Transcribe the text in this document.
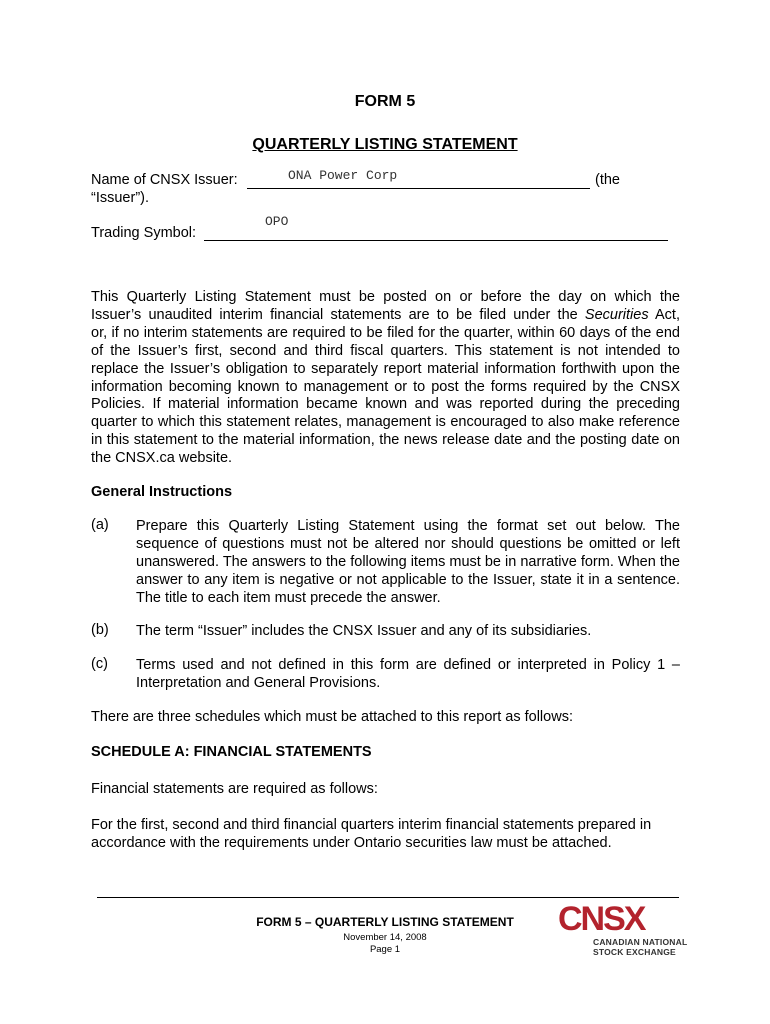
FORM 5
QUARTERLY LISTING STATEMENT
Name of CNSX Issuer:	ONA Power Corp	(the
“Issuer”).
Trading Symbol:
OPO
This Quarterly Listing Statement must be posted on or before the day on which the
Issuer’s unaudited interim financial statements are to be filed under the Securities Act,
or, if no interim statements are required to be filed for the quarter, within 60 days of the end of the Issuer’s first, second and third fiscal quarters. This statement is not intended to replace the Issuer’s obligation to separately report material information forthwith upon the information becoming known to management or to post the forms required by the CNSX Policies. If material information became known and was reported during the preceding quarter to which this statement relates, management is encouraged to also make reference in this statement to the material information, the news release date and the posting date on the CNSX.ca website.
General Instructions
(a) Prepare this Quarterly Listing Statement using the format set out below. The sequence of questions must not be altered nor should questions be omitted or left unanswered. The answers to the following items must be in narrative form. When the answer to any item is negative or not applicable to the Issuer, state it in a sentence. The title to each item must precede the answer.
(b) The term “Issuer” includes the CNSX Issuer and any of its subsidiaries.
(c) Terms used and not defined in this form are defined or interpreted in Policy 1 – Interpretation and General Provisions.
There are three schedules which must be attached to this report as follows:
SCHEDULE A: FINANCIAL STATEMENTS
Financial statements are required as follows:
For the first, second and third financial quarters interim financial statements prepared in accordance with the requirements under Ontario securities law must be attached.
FORM 5 – QUARTERLY LISTING STATEMENT
November 14, 2008
Page 1
CNSX
CANADIAN NATIONAL
STOCK EXCHANGE
